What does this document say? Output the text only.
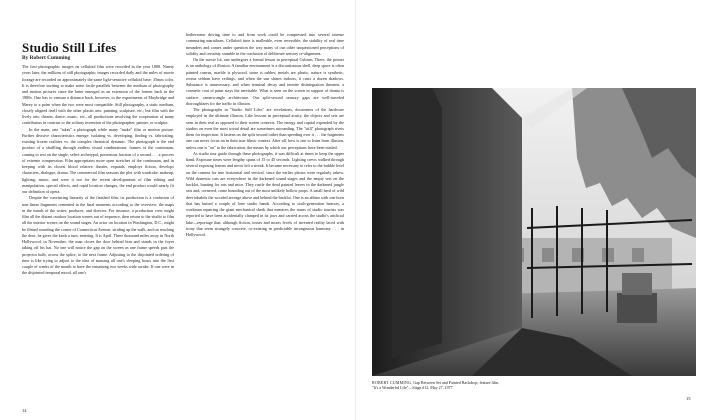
Studio Still Lifes
By Robert Cumming

The first photographic images on celluloid film were recorded in the year 1888. Ninety years later, the millions of still photographic images recorded daily and the miles of movie footage are recorded on approximately the same light-sensitive celluloid base: 35mm color. It is therefore inviting to make some facile parallels between the medium of photography and motion pictures since the latter emerged as an extension of the former back in the 1880s. One has to venture a distance back, however, to the experiments of Muybridge and Marey to a point when the two were most compatible. Still photography, a static medium, closely aligned itself with the other plastic arts: painting, sculpture, etc.; but film with the lively arts: theater, dance, music, etc., all productions involving the cooperation of many contributors in contrast to the solitary invention of the photographer, painter, or sculptor.

In the main, one "takes" a photograph while many "make" film or motion picture. Further divisive characteristics emerge: isolating vs. developing, finding vs. fabricating, existing frozen realities vs. the complex theatrical dynamic. The photograph is the end product of a shuffling through endless visual combinations: frames of the continuum, coming to rest on the single, select archetypal, portentous fraction of a second . . . a process of extreme compression. Film appropriates more open stretches of the continuum, and in keeping with its closest blood relative, theater, expands, employs fiction, develops characters, dialogue, drama. The commercial film seasons the plot with wardrobe, makeup, lighting, music, and were it not for the recent developments of film editing and manipulation, special effects, and rapid location changes, the end product would nearly fit our definition of opera.

Despite the convincing linearity of the finished film, its production is a confusion of non-linear fragments cemented in the final moments according to the overview: the maps in the minds of the writer, producer, and director. For instance, a production crew might film all the distant outdoor location scenes out of sequence, then return to the studio to film all the interior scenes on the sound stages. An actor on location in Washington, D.C., might be filmed rounding the corner of Connecticut Avenue, striding up the walk, and on reaching the door, he gives the knob a turn, entering. It is April. Three thousand miles away in North Hollywood, in November, the man closes the door behind him and stands in the foyer taking off his hat. No one will notice the gap on the screen as one frame speeds past the projector bulb, across the splice, to the next frame. Adjusting to the disjointed ordering of time is like trying to adjust to the idea of massing all one's sleeping hours into the first couple of weeks of the month to have the remaining two weeks wide awake. If one were in the disjointed temporal mood, all one's

bothersome driving time to and from work could be compressed into several intense commuting marathons. Celluloid time is malleable, even reversible; the stability of real time meanders and comes under question the way many of our other unquestioned perceptions of solidity and certainty stumble in the confusion of deliberate sensory re-alignment.

On the movie lot, one undergoes a formal lesson in perceptual Cubism. There, the primer is an anthology of illusion. A familiar environment is a discontinuous shell, deep space is often painted canvas, marble is plywood, stone is rubber, metals are plastic, nature is synthetic, rooms seldom have ceilings, and when the sun shines indoors, it casts a dozen shadows. Substance is unnecessary, and when terminal decay and termite disintegration threaten, a cosmetic coat of paint stays the inevitable. What is seen on the screen in support of drama is surface: camera-angle architecture. Our split-second sensory gaps are well-traveled thoroughfares for the traffic in illusion.

The photographs in "Studio Still Lifes" are revelations, documents of the hardware employed in the ultimate illusion. Like lessons in perceptual acuity, the objects and sets are seen in their real as opposed to their screen contexts. The energy and capital expended by the studios on even the most trivial detail are sometimes astounding. The "still" photograph rivets them for inspection. It fastens on the split second rather than speeding over it . . . the fragments one can never focus on in their true filmic context. After all, how is one to learn from illusion, unless one is "on" to the fabrication, the means by which our perceptions have been misled.

As studio tour guide through these photographs, it was difficult at times to keep the upper hand. Exposure times were lengthy spans of 15 to 45 seconds. Lighting crews walked through several exposing frames and never left a streak. It became necessary to refer to the bubble level on the camera for true horizontal and vertical, since the earlier photos were regularly askew. Wild domestic cats are everywhere in the darkened sound stages and the empty sets on the backlot, hunting for rats and mice. They rustle the dead painted leaves in the darkened jungle sets and, cornered, come bounding out of the most unlikely hollow props. A small herd of wild deer inhabits the wooded acreage above and behind the backlot. One is an albino with one horn that has butted a couple of lone studio hands. According to sixth-generation hearsay, a workman repairing the giant mechanical shark that menaces the trams of studio tourists was reported to have been accidentally clamped in its jaws and carried across the studio's artificial lake—reportage that, although fiction, tosses and mixes levels of invented reality laced with irony that seem strangely concrete, co-existing in predictable incongruous harmony . . . in Hollywood.

14
ROBERT CUMMING, Gap Between Set and Painted Backdrop; feature film,
"It's a Wonderful Life"—Stage #12, May 27, 1977
15
